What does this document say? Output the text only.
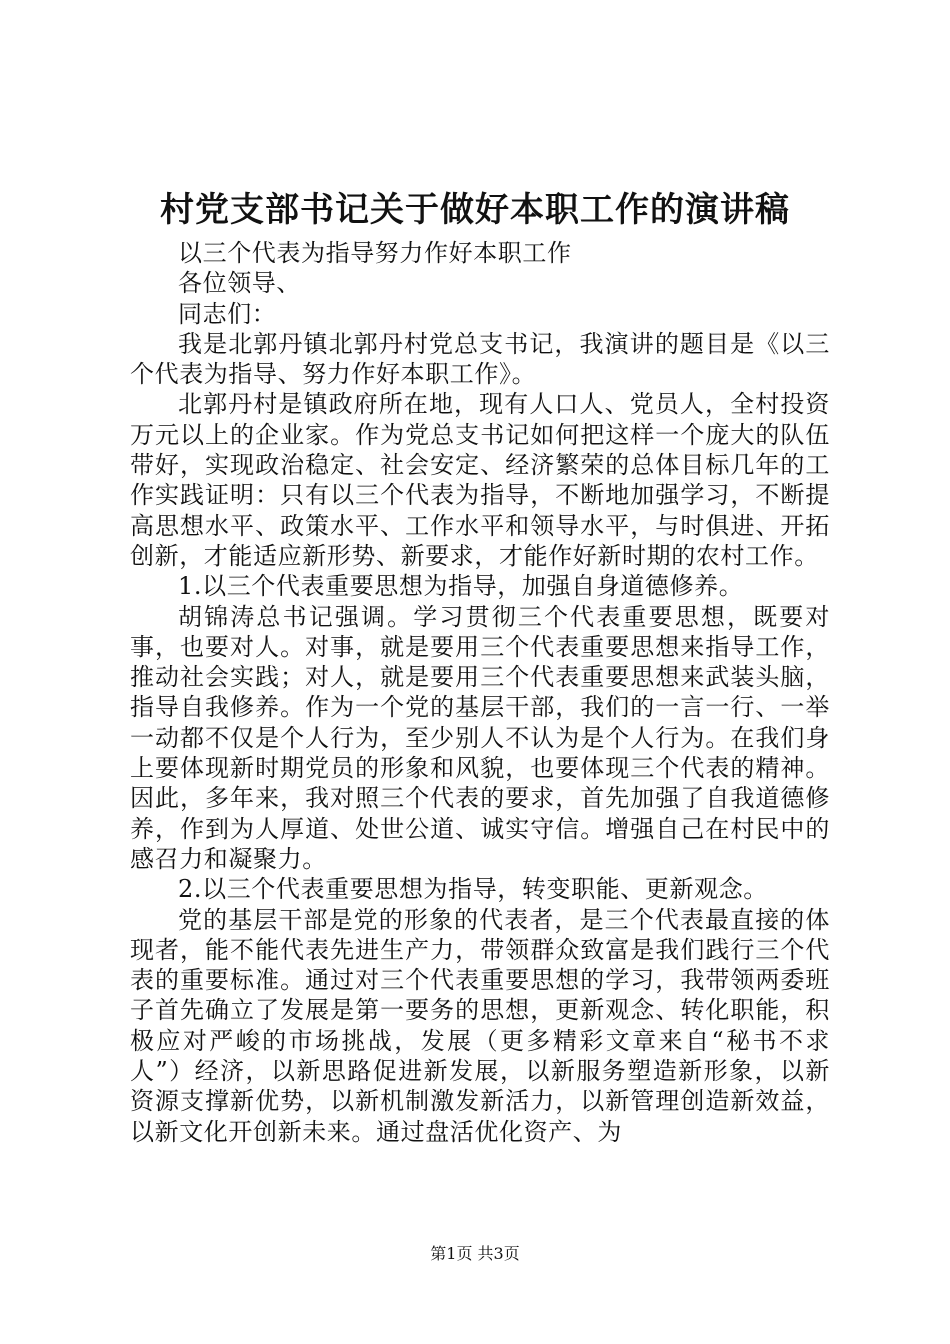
村党支部书记关于做好本职工作的演讲稿

以三个代表为指导努力作好本职工作

各位领导、

同志们：

我是北郭丹镇北郭丹村党总支书记，我演讲的题目是《以三个代表为指导、努力作好本职工作》。

北郭丹村是镇政府所在地，现有人口人、党员人，全村投资万元以上的企业家。作为党总支书记如何把这样一个庞大的队伍带好，实现政治稳定、社会安定、经济繁荣的总体目标几年的工作实践证明：只有以三个代表为指导，不断地加强学习，不断提高思想水平、政策水平、工作水平和领导水平，与时俱进、开拓创新，才能适应新形势、新要求，才能作好新时期的农村工作。

1.以三个代表重要思想为指导，加强自身道德修养。

胡锦涛总书记强调。学习贯彻三个代表重要思想，既要对事，也要对人。对事，就是要用三个代表重要思想来指导工作，推动社会实践；对人，就是要用三个代表重要思想来武装头脑，指导自我修养。作为一个党的基层干部，我们的一言一行、一举一动都不仅是个人行为，至少别人不认为是个人行为。在我们身上要体现新时期党员的形象和风貌，也要体现三个代表的精神。因此，多年来，我对照三个代表的要求，首先加强了自我道德修养，作到为人厚道、处世公道、诚实守信。增强自己在村民中的感召力和凝聚力。

2.以三个代表重要思想为指导，转变职能、更新观念。

党的基层干部是党的形象的代表者，是三个代表最直接的体现者，能不能代表先进生产力，带领群众致富是我们践行三个代表的重要标准。通过对三个代表重要思想的学习，我带领两委班子首先确立了发展是第一要务的思想，更新观念、转化职能，积极应对严峻的市场挑战，发展（更多精彩文章来自“秘书不求人”）经济，以新思路促进新发展，以新服务塑造新形象，以新资源支撑新优势，以新机制激发新活力，以新管理创造新效益，以新文化开创新未来。通过盘活优化资产、为

第1页 共3页
